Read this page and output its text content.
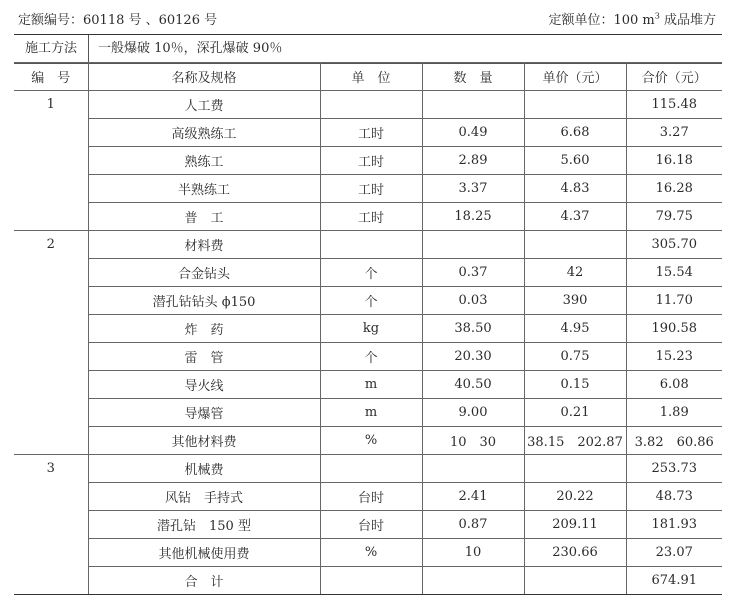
定额编号：60118 号 、60126 号	定额单位：100 $m^3$ 成品堆方
施工方法	一般爆破 10％，深孔爆破 90％
编　号	名称及规格	单　位	数　量	单价（元）	合价（元）
1	人工费				115.48
	高级熟练工	工时	0.49	6.68	3.27
	熟练工	工时	2.89	5.60	16.18
	半熟练工	工时	3.37	4.83	16.28
	普　工	工时	18.25	4.37	79.75
2	材料费				305.70
	合金钻头	个	0.37	42	15.54
	潜孔钻钻头 ϕ150	个	0.03	390	11.70
	炸　药	kg	38.50	4.95	190.58
	雷　管	个	20.30	0.75	15.23
	导火线	m	40.50	0.15	6.08
	导爆管	m	9.00	0.21	1.89
	其他材料费	%	10　30	38.15　202.87	3.82　60.86
3	机械费				253.73
	风钻　手持式	台时	2.41	20.22	48.73
	潜孔钻　150 型	台时	0.87	209.11	181.93
	其他机械使用费	%	10	230.66	23.07
	合　计				674.91
